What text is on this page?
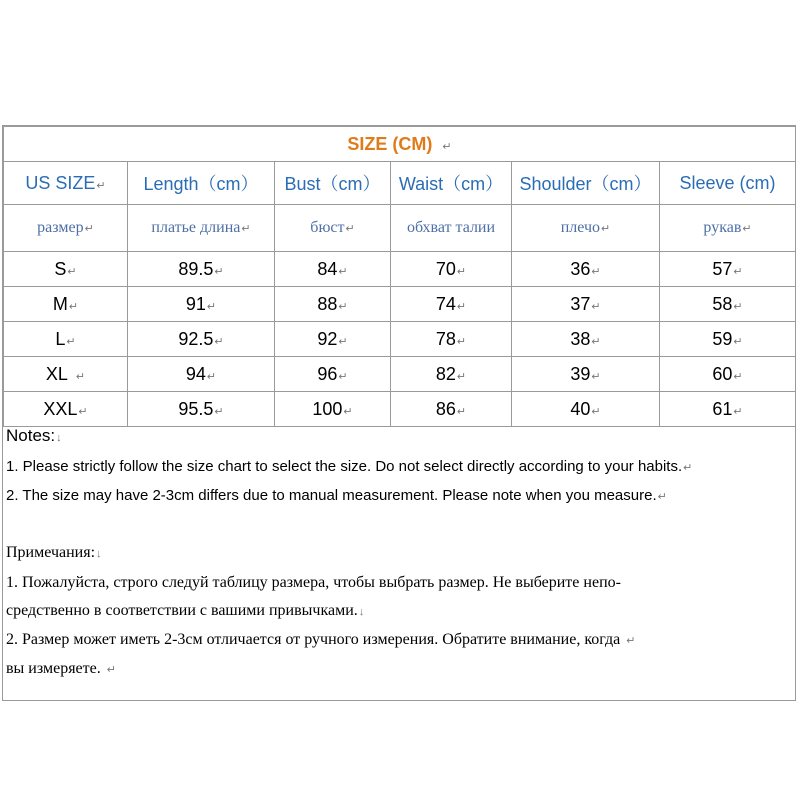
SIZE (CM) ↵					
US SIZE↵	Length（cm）	Bust（cm）	Waist（cm）	Shoulder（cm）	Sleeve (cm)
размер↵	платье длина↵	бюст↵	обхват талии	плечо↵	рукав↵
S↵	89.5↵	84↵	70↵	36↵	57↵
M↵	91↵	88↵	74↵	37↵	58↵
L↵	92.5↵	92↵	78↵	38↵	59↵
XL ↵	94↵	96↵	82↵	39↵	60↵
XXL↵	95.5↵	100↵	86↵	40↵	61↵
Notes:↓
1. Please strictly follow the size chart to select the size. Do not select directly according to your habits.↵
2. The size may have 2-3cm differs due to manual measurement. Please note when you measure.↵
Примечания:↓
1. Пожалуйста, строго следуй таблицу размера, чтобы выбрать размер. Не выберите непо-
средственно в соответствии с вашими привычками.↓
2. Размер может иметь 2-3см отличается от ручного измерения. Обратите внимание, когда ↵
вы измеряете. ↵
